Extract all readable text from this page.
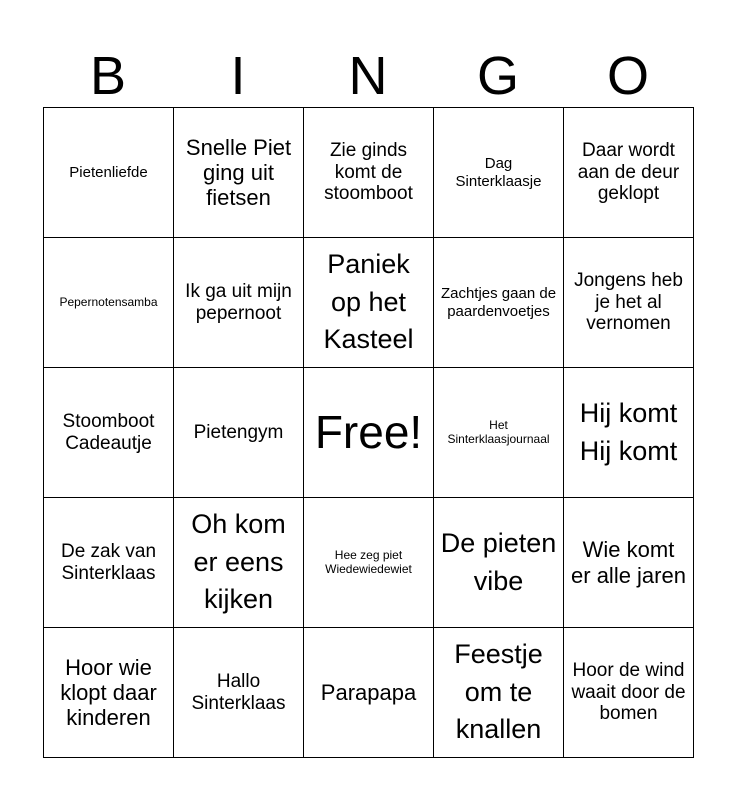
B	I	N	G	O
Pietenliefde	Snelle Piet ging uit fietsen	Zie ginds komt de stoomboot	Dag Sinterklaasje	Daar wordt aan de deur geklopt

Pepernotensamba	Ik ga uit mijn pepernoot	Paniek op het Kasteel	Zachtjes gaan de paardenvoetjes	Jongens heb je het al vernomen

Stoomboot Cadeautje	Pietengym	Free!	Het Sinterklaasjournaal	Hij komt Hij komt

De zak van Sinterklaas	Oh kom er eens kijken	Hee zeg piet Wiedewiedewiet	De pieten vibe	Wie komt er alle jaren

Hoor wie klopt daar kinderen	Hallo Sinterklaas	Parapapa	Feestje om te knallen	Hoor de wind waait door de bomen
